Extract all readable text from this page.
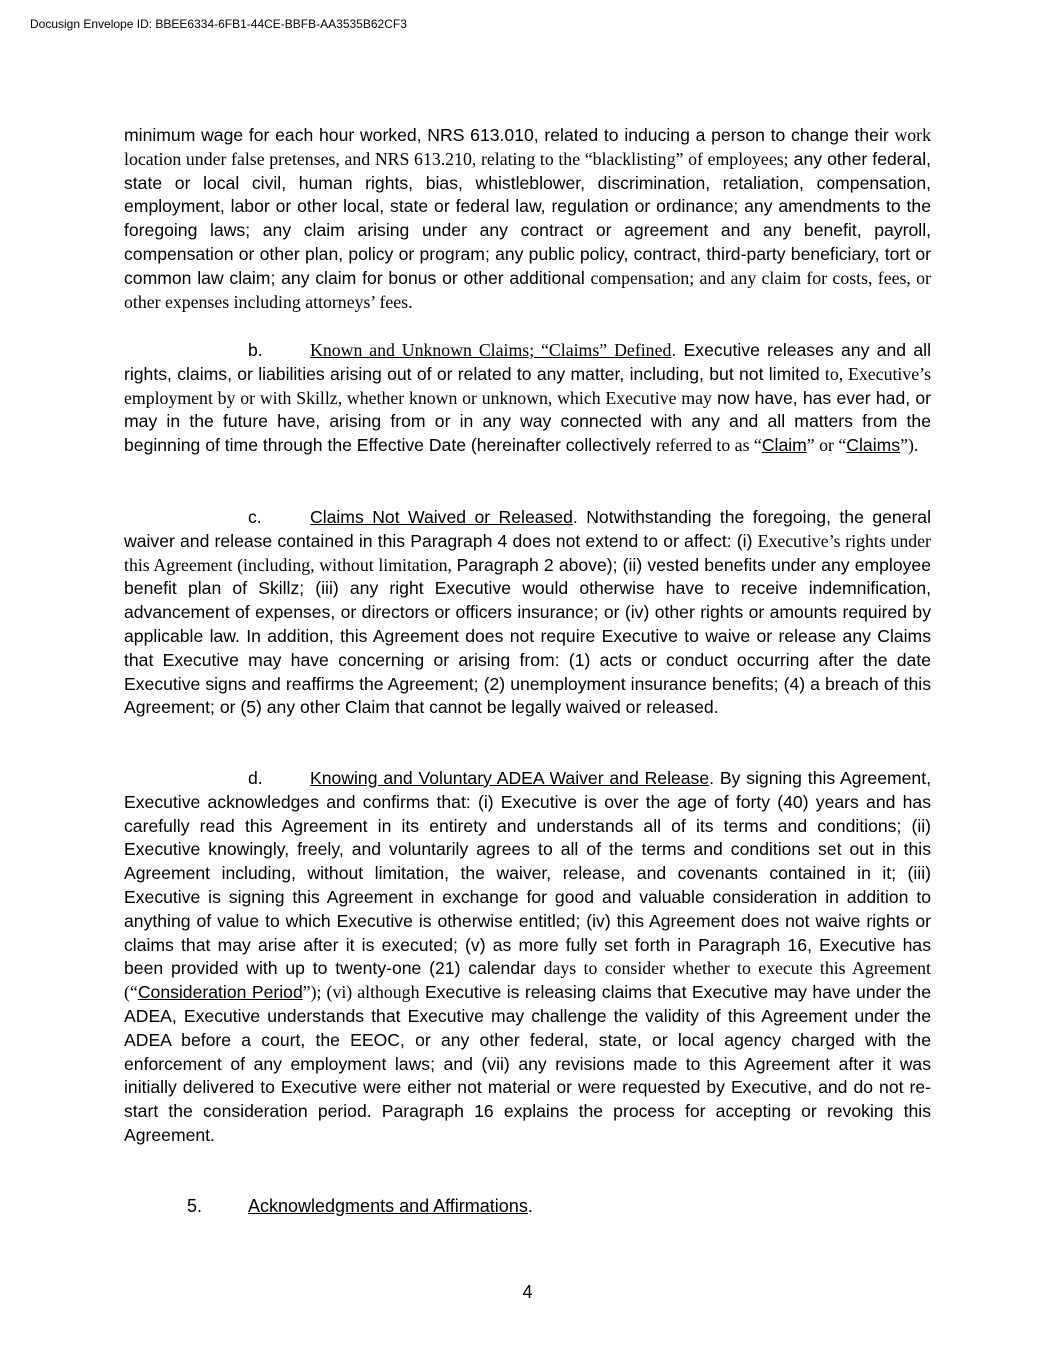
Docusign Envelope ID: BBEE6334-6FB1-44CE-BBFB-AA3535B62CF3

minimum wage for each hour worked, NRS 613.010, related to inducing a person to change their work location under false pretenses, and NRS 613.210, relating to the “blacklisting” of employees; any other federal, state or local civil, human rights, bias, whistleblower, discrimination, retaliation, compensation, employment, labor or other local, state or federal law, regulation or ordinance; any amendments to the foregoing laws; any claim arising under any contract or agreement and any benefit, payroll, compensation or other plan, policy or program; any public policy, contract, third-party beneficiary, tort or common law claim; any claim for bonus or other additional compensation; and any claim for costs, fees, or other expenses including attorneys’ fees.

b.	Known and Unknown Claims; “Claims” Defined. Executive releases any and all rights, claims, or liabilities arising out of or related to any matter, including, but not limited to, Executive’s employment by or with Skillz, whether known or unknown, which Executive may now have, has ever had, or may in the future have, arising from or in any way connected with any and all matters from the beginning of time through the Effective Date (hereinafter collectively referred to as “Claim” or “Claims”).

c.	Claims Not Waived or Released. Notwithstanding the foregoing, the general waiver and release contained in this Paragraph 4 does not extend to or affect: (i) Executive’s rights under this Agreement (including, without limitation, Paragraph 2 above); (ii) vested benefits under any employee benefit plan of Skillz; (iii) any right Executive would otherwise have to receive indemnification, advancement of expenses, or directors or officers insurance; or (iv) other rights or amounts required by applicable law. In addition, this Agreement does not require Executive to waive or release any Claims that Executive may have concerning or arising from: (1) acts or conduct occurring after the date Executive signs and reaffirms the Agreement; (2) unemployment insurance benefits; (4) a breach of this Agreement; or (5) any other Claim that cannot be legally waived or released.

d.	Knowing and Voluntary ADEA Waiver and Release. By signing this Agreement, Executive acknowledges and confirms that: (i) Executive is over the age of forty (40) years and has carefully read this Agreement in its entirety and understands all of its terms and conditions; (ii) Executive knowingly, freely, and voluntarily agrees to all of the terms and conditions set out in this Agreement including, without limitation, the waiver, release, and covenants contained in it; (iii) Executive is signing this Agreement in exchange for good and valuable consideration in addition to anything of value to which Executive is otherwise entitled; (iv) this Agreement does not waive rights or claims that may arise after it is executed; (v) as more fully set forth in Paragraph 16, Executive has been provided with up to twenty-one (21) calendar days to consider whether to execute this Agreement (“Consideration Period”); (vi) although Executive is releasing claims that Executive may have under the ADEA, Executive understands that Executive may challenge the validity of this Agreement under the ADEA before a court, the EEOC, or any other federal, state, or local agency charged with the enforcement of any employment laws; and (vii) any revisions made to this Agreement after it was initially delivered to Executive were either not material or were requested by Executive, and do not re-start the consideration period. Paragraph 16 explains the process for accepting or revoking this Agreement.

5.	Acknowledgments and Affirmations.
4
